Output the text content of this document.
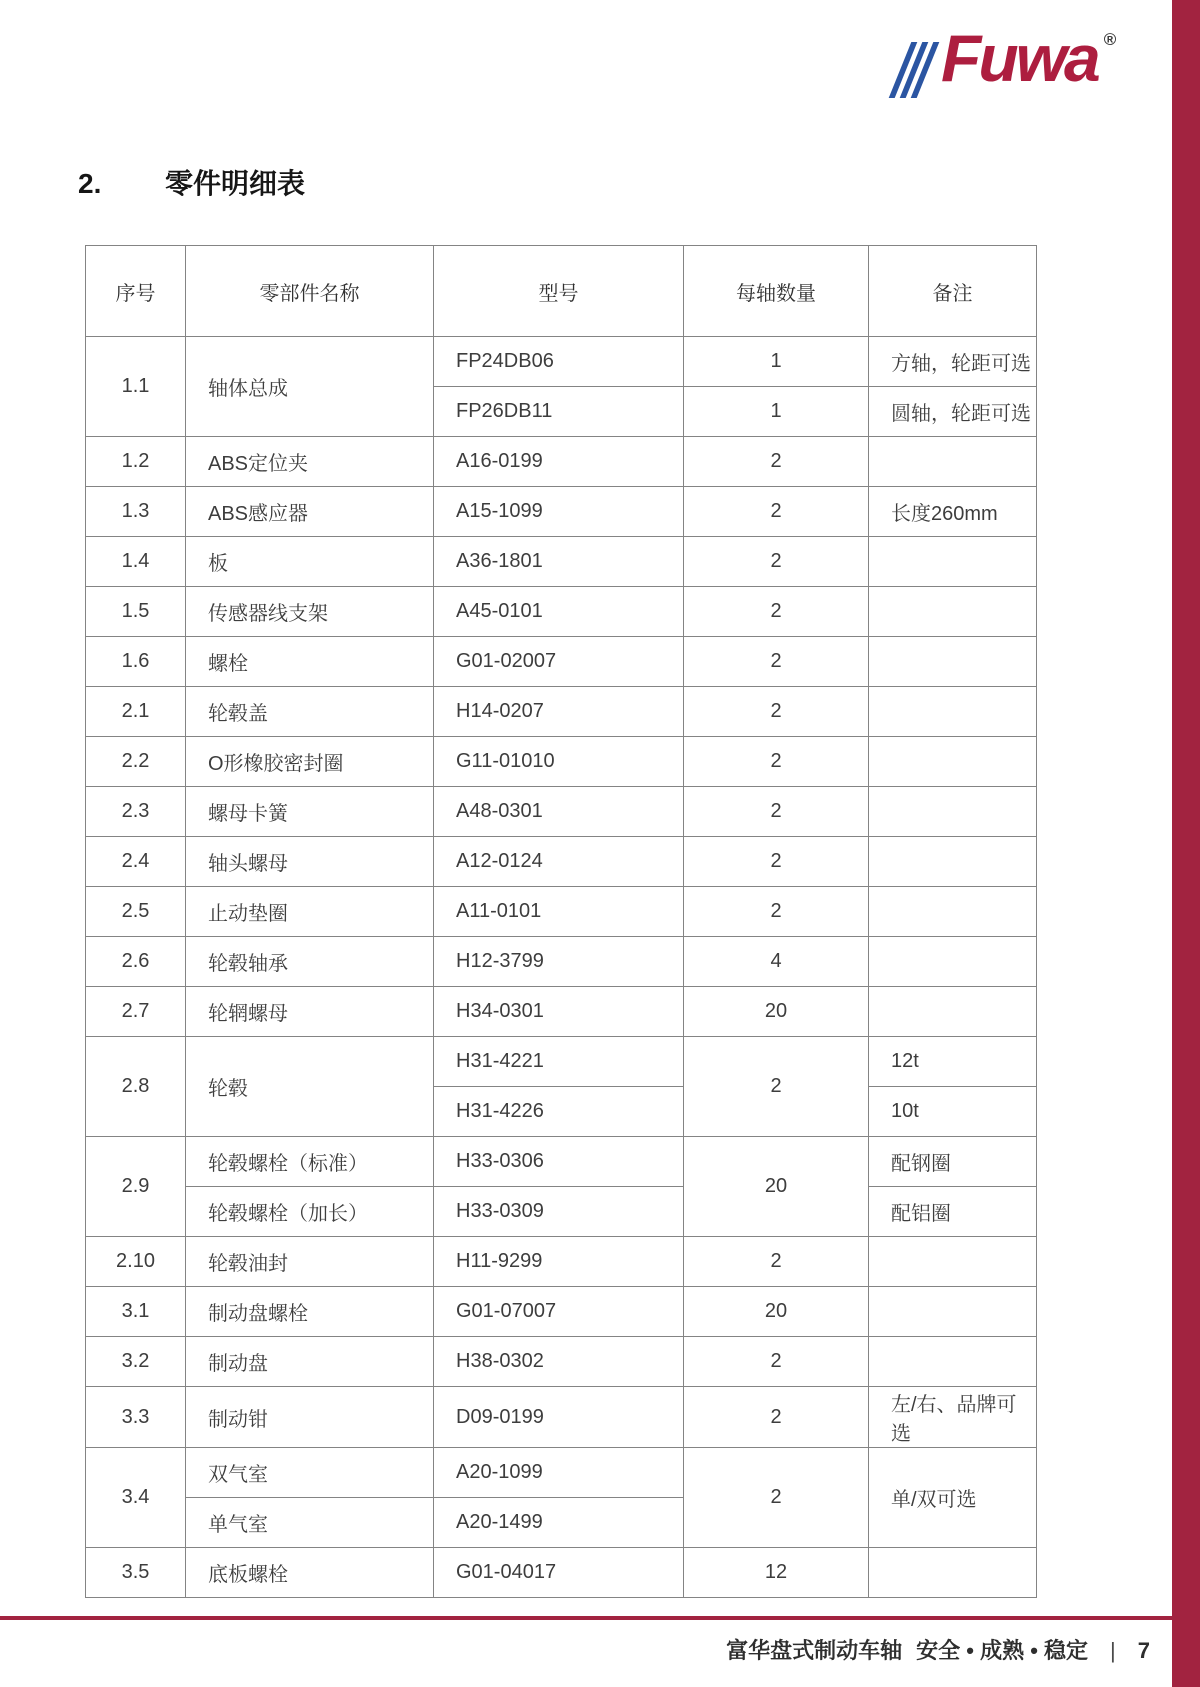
Fuwa ®
2.	零件明细表
序号	零部件名称	型号	每轴数量	备注
1.1	轴体总成	FP24DB06	1	方轴，轮距可选
		FP26DB11	1	圆轴，轮距可选
1.2	ABS定位夹	A16-0199	2	
1.3	ABS感应器	A15-1099	2	长度260mm
1.4	板	A36-1801	2	
1.5	传感器线支架	A45-0101	2	
1.6	螺栓	G01-02007	2	
2.1	轮毂盖	H14-0207	2	
2.2	O形橡胶密封圈	G11-01010	2	
2.3	螺母卡簧	A48-0301	2	
2.4	轴头螺母	A12-0124	2	
2.5	止动垫圈	A11-0101	2	
2.6	轮毂轴承	H12-3799	4	
2.7	轮辋螺母	H34-0301	20	
2.8	轮毂	H31-4221	2	12t
		H31-4226		10t
2.9	轮毂螺栓（标准）	H33-0306	20	配钢圈
	轮毂螺栓（加长）	H33-0309		配铝圈
2.10	轮毂油封	H11-9299	2	
3.1	制动盘螺栓	G01-07007	20	
3.2	制动盘	H38-0302	2	
3.3	制动钳	D09-0199	2	左/右、品牌可选
3.4	双气室	A20-1099	2	单/双可选
	单气室	A20-1499		
3.5	底板螺栓	G01-04017	12	
富华盘式制动车轴 安全 • 成熟 • 稳定	|	7
